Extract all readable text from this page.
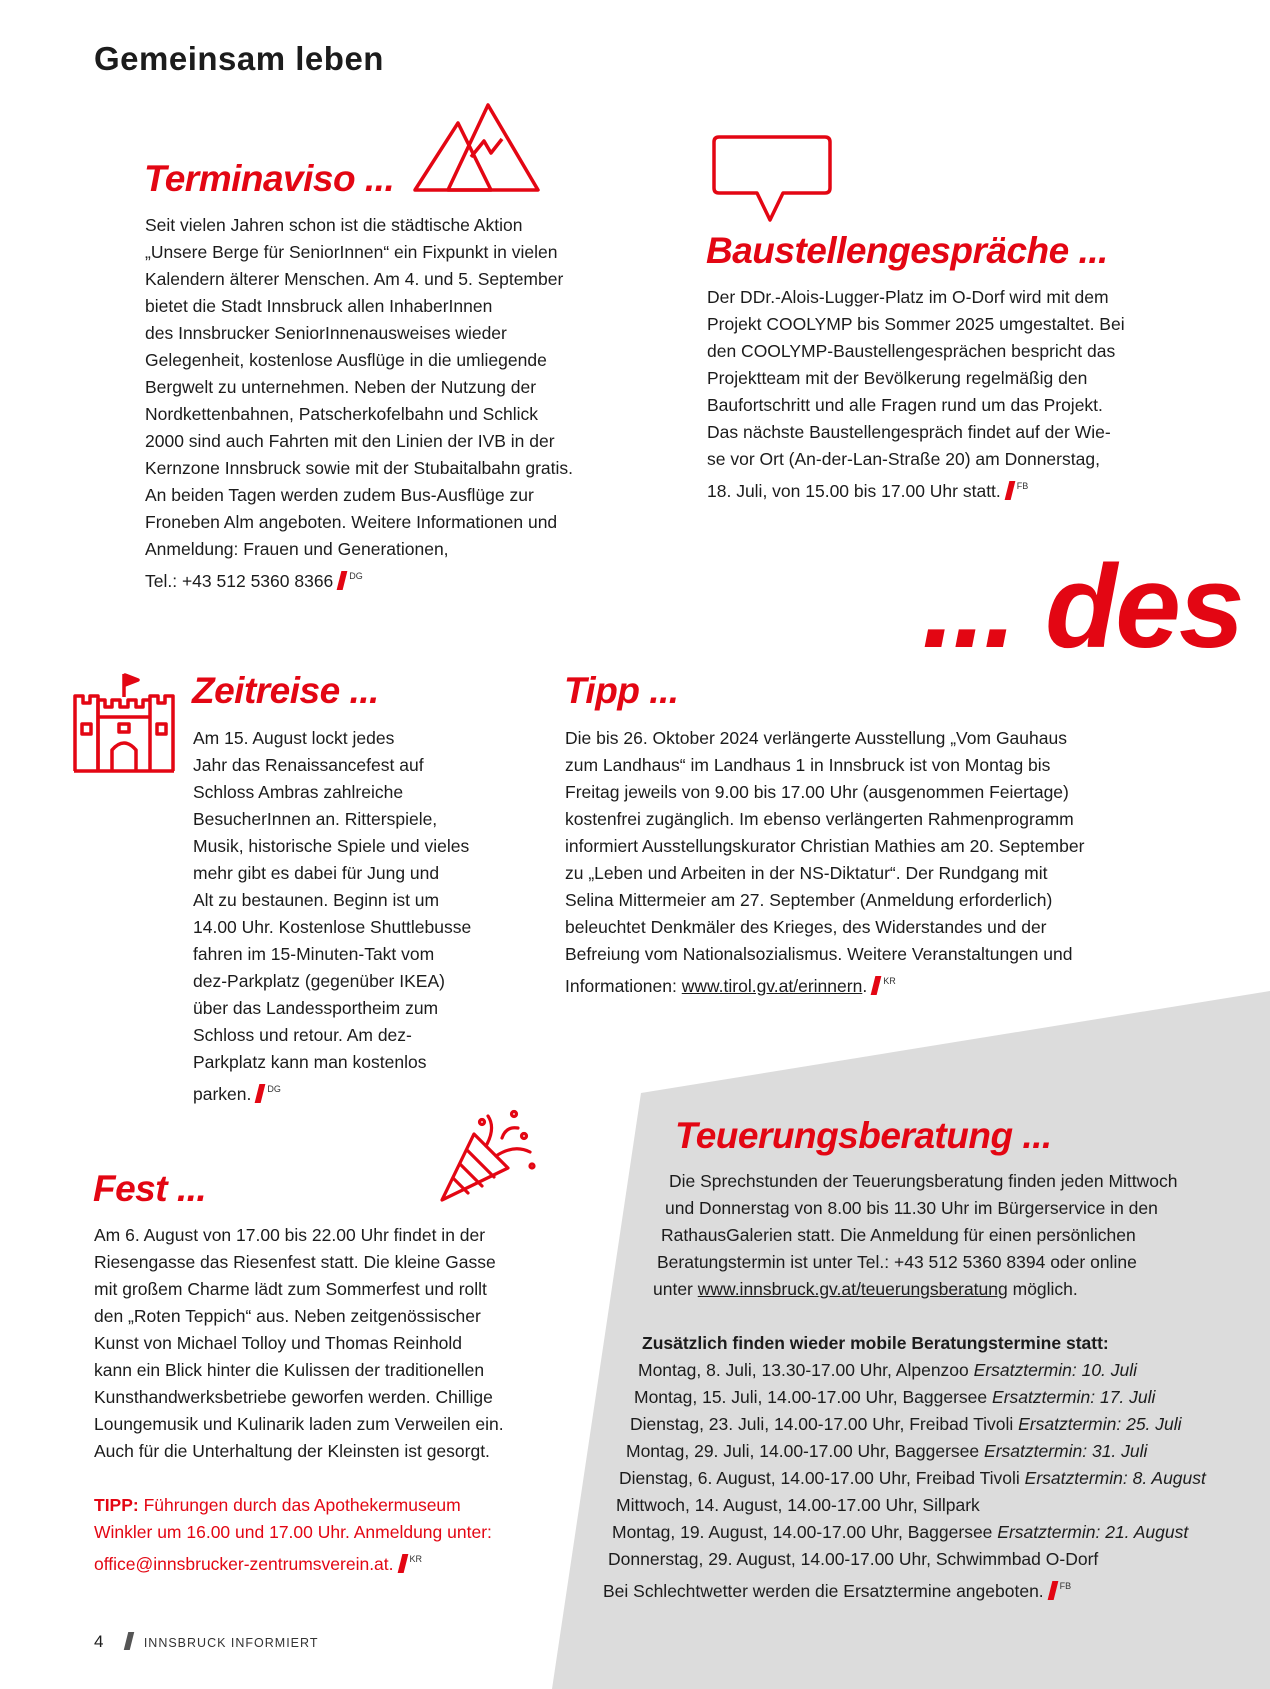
Gemeinsam leben
... des
Terminaviso ...
Seit vielen Jahren schon ist die städtische Aktion
„Unsere Berge für SeniorInnen“ ein Fixpunkt in vielen
Kalendern älterer Menschen. Am 4. und 5. September
bietet die Stadt Innsbruck allen InhaberInnen
des Innsbrucker SeniorInnenausweises wieder
Gelegenheit, kostenlose Ausflüge in die umliegende
Bergwelt zu unternehmen. Neben der Nutzung der
Nordkettenbahnen, Patscherkofelbahn und Schlick
2000 sind auch Fahrten mit den Linien der IVB in der
Kernzone Innsbruck sowie mit der Stubaitalbahn gratis.
An beiden Tagen werden zudem Bus-Ausflüge zur
Froneben Alm angeboten. Weitere Informationen und
Anmeldung: Frauen und Generationen,
Tel.: +43 512 5360 8366 $^{DG}$
Baustellengespräche ...
Der DDr.-Alois-Lugger-Platz im O-Dorf wird mit dem
Projekt COOLYMP bis Sommer 2025 umgestaltet. Bei
den COOLYMP-Baustellengesprächen bespricht das
Projektteam mit der Bevölkerung regelmäßig den
Baufortschritt und alle Fragen rund um das Projekt.
Das nächste Baustellengespräch findet auf der Wie-
se vor Ort (An-der-Lan-Straße 20) am Donnerstag,
18. Juli, von 15.00 bis 17.00 Uhr statt. $^{FB}$
Zeitreise ...
Am 15. August lockt jedes
Jahr das Renaissancefest auf
Schloss Ambras zahlreiche
BesucherInnen an. Ritterspiele,
Musik, historische Spiele und vieles
mehr gibt es dabei für Jung und
Alt zu bestaunen. Beginn ist um
14.00 Uhr. Kostenlose Shuttlebusse
fahren im 15-Minuten-Takt vom
dez-Parkplatz (gegenüber IKEA)
über das Landessportheim zum
Schloss und retour. Am dez-
Parkplatz kann man kostenlos
parken. $^{DG}$
Tipp ...
Die bis 26. Oktober 2024 verlängerte Ausstellung „Vom Gauhaus
zum Landhaus“ im Landhaus 1 in Innsbruck ist von Montag bis
Freitag jeweils von 9.00 bis 17.00 Uhr (ausgenommen Feiertage)
kostenfrei zugänglich. Im ebenso verlängerten Rahmenprogramm
informiert Ausstellungskurator Christian Mathies am 20. September
zu „Leben und Arbeiten in der NS-Diktatur“. Der Rundgang mit
Selina Mittermeier am 27. September (Anmeldung erforderlich)
beleuchtet Denkmäler des Krieges, des Widerstandes und der
Befreiung vom Nationalsozialismus. Weitere Veranstaltungen und
Informationen: www.tirol.gv.at/erinnern. $^{KR}$
Fest ...
Am 6. August von 17.00 bis 22.00 Uhr findet in der
Riesengasse das Riesenfest statt. Die kleine Gasse
mit großem Charme lädt zum Sommerfest und rollt
den „Roten Teppich“ aus. Neben zeitgenössischer
Kunst von Michael Tolloy und Thomas Reinhold
kann ein Blick hinter die Kulissen der traditionellen
Kunsthandwerksbetriebe geworfen werden. Chillige
Loungemusik und Kulinarik laden zum Verweilen ein.
Auch für die Unterhaltung der Kleinsten ist gesorgt.
TIPP: Führungen durch das Apothekermuseum
Winkler um 16.00 und 17.00 Uhr. Anmeldung unter:
office@innsbrucker-zentrumsverein.at. $^{KR}$
Teuerungsberatung ...
Die Sprechstunden der Teuerungsberatung finden jeden Mittwoch
und Donnerstag von 8.00 bis 11.30 Uhr im Bürgerservice in den
RathausGalerien statt. Die Anmeldung für einen persönlichen
Beratungstermin ist unter Tel.: +43 512 5360 8394 oder online
unter www.innsbruck.gv.at/teuerungsberatung möglich.
Zusätzlich finden wieder mobile Beratungstermine statt:
Montag, 8. Juli, 13.30-17.00 Uhr, Alpenzoo Ersatztermin: 10. Juli
Montag, 15. Juli, 14.00-17.00 Uhr, Baggersee Ersatztermin: 17. Juli
Dienstag, 23. Juli, 14.00-17.00 Uhr, Freibad Tivoli Ersatztermin: 25. Juli
Montag, 29. Juli, 14.00-17.00 Uhr, Baggersee Ersatztermin: 31. Juli
Dienstag, 6. August, 14.00-17.00 Uhr, Freibad Tivoli Ersatztermin: 8. August
Mittwoch, 14. August, 14.00-17.00 Uhr, Sillpark
Montag, 19. August, 14.00-17.00 Uhr, Baggersee Ersatztermin: 21. August
Donnerstag, 29. August, 14.00-17.00 Uhr, Schwimmbad O-Dorf
Bei Schlechtwetter werden die Ersatztermine angeboten. $^{FB}$
4	INNSBRUCK INFORMIERT
